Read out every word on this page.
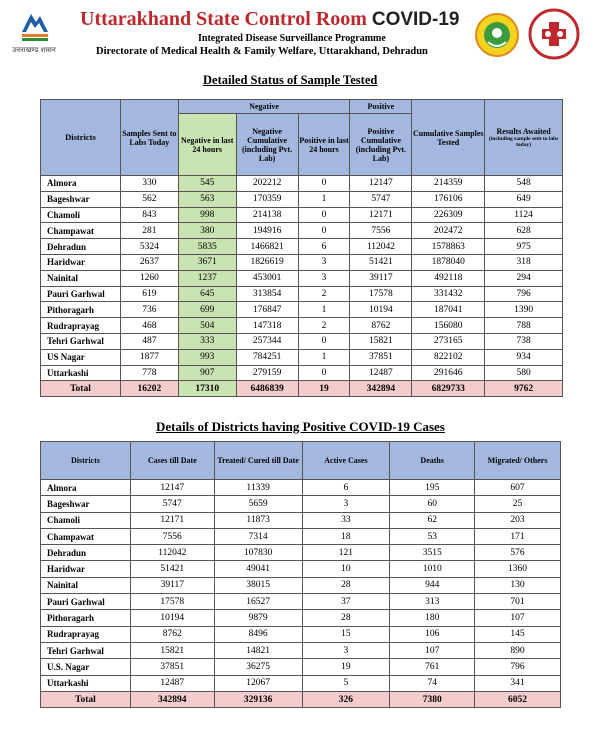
उत्तराखण्ड शासन
Uttarakhand State Control Room COVID-19
Integrated Disease Surveillance Programme
Directorate of Medical Health & Family Welfare, Uttarakhand, Dehradun
Detailed Status of Sample Tested
Districts	Samples Sent to Labs Today	Negative			Positive	Cumulative Samples Tested	Results Awaited
(including sample sent to labs today)

		Negative in last 24 hours	Negative Cumulative (including Pvt. Lab)	Positive in last 24 hours	Positive Cumulative (including Pvt. Lab)		
Almora	330	545	202212	0	12147	214359	548
Bageshwar	562	563	170359	1	5747	176106	649
Chamoli	843	998	214138	0	12171	226309	1124
Champawat	281	380	194916	0	7556	202472	628
Dehradun	5324	5835	1466821	6	112042	1578863	975
Haridwar	2637	3671	1826619	3	51421	1878040	318
Nainital	1260	1237	453001	3	39117	492118	294
Pauri Garhwal	619	645	313854	2	17578	331432	796
Pithoragarh	736	699	176847	1	10194	187041	1390
Rudraprayag	468	504	147318	2	8762	156080	788
Tehri Garhwal	487	333	257344	0	15821	273165	738
US Nagar	1877	993	784251	1	37851	822102	934
Uttarkashi	778	907	279159	0	12487	291646	580
Total	16202	17310	6486839	19	342894	6829733	9762
Details of Districts having Positive COVID-19 Cases
Districts	Cases till Date	Treated/ Cured till Date	Active Cases	Deaths	Migrated/ Others
Almora	12147	11339	6	195	607
Bageshwar	5747	5659	3	60	25
Chamoli	12171	11873	33	62	203
Champawat	7556	7314	18	53	171
Dehradun	112042	107830	121	3515	576
Haridwar	51421	49041	10	1010	1360
Nainital	39117	38015	28	944	130
Pauri Garhwal	17578	16527	37	313	701
Pithoragarh	10194	9879	28	180	107
Rudraprayag	8762	8496	15	106	145
Tehri Garhwal	15821	14821	3	107	890
U.S. Nagar	37851	36275	19	761	796
Uttarkashi	12487	12067	5	74	341
Total	342894	329136	326	7380	6052
